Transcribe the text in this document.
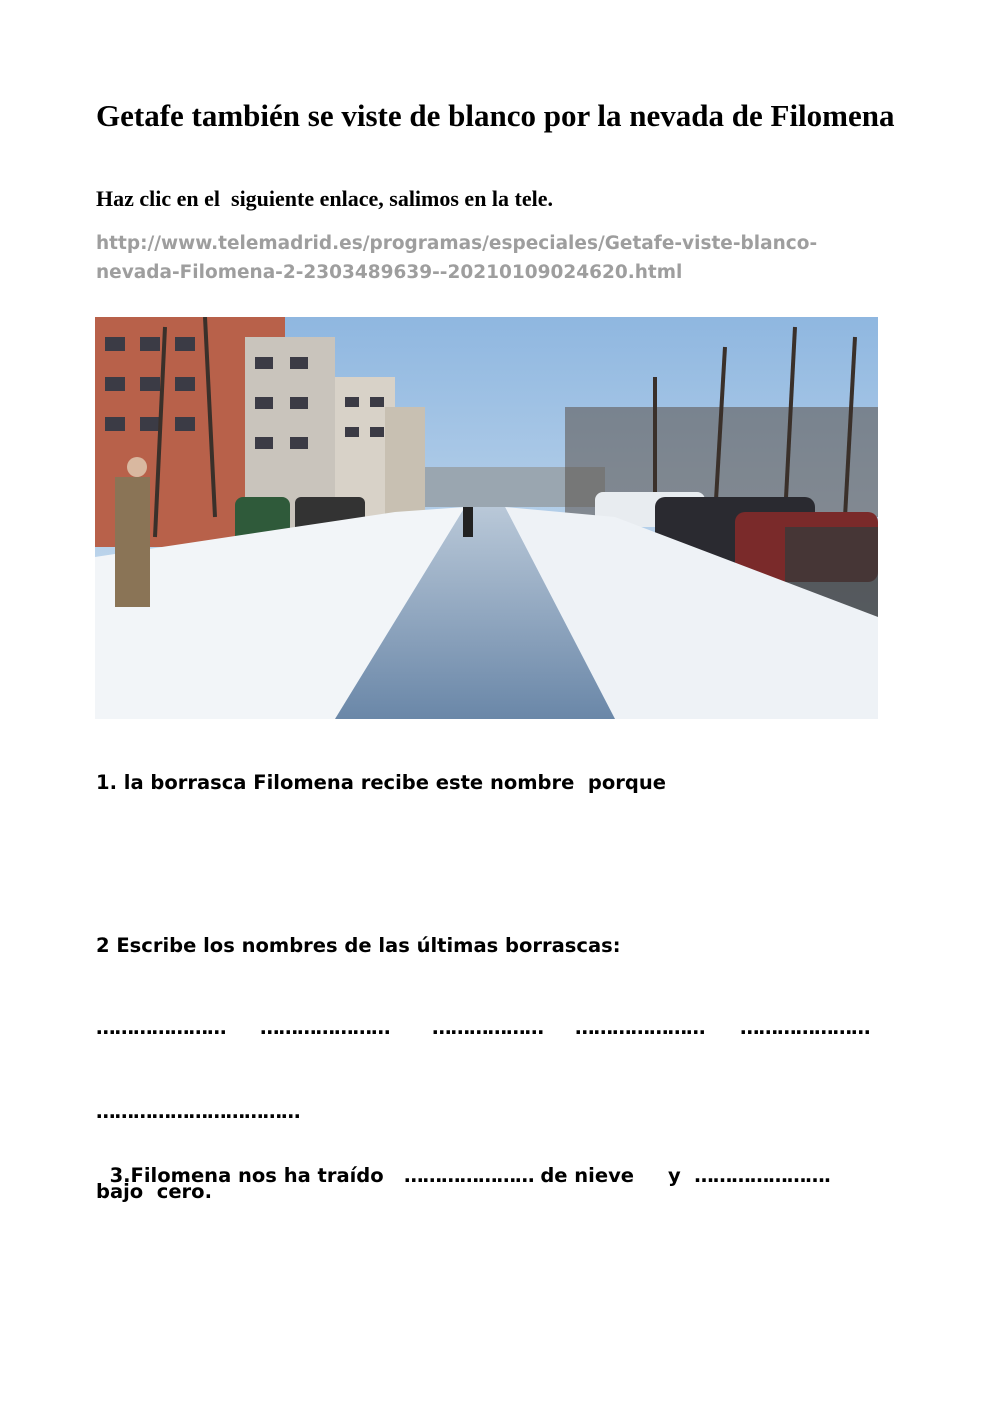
Getafe también se viste de blanco por la nevada de Filomena

Haz clic en el  siguiente enlace, salimos en la tele.

http://www.telemadrid.es/programas/especiales/Getafe-viste-blanco-
nevada-Filomena-2-2303489639--20210109024620.html

1. la borrasca Filomena recibe este nombre  porque

2 Escribe los nombres de las últimas borrascas:

………………… ………………… ……………… ………………… …………………
……………………………

3.Filomena nos ha traído ………………… de nieve y ………………….

bajo  cero.
